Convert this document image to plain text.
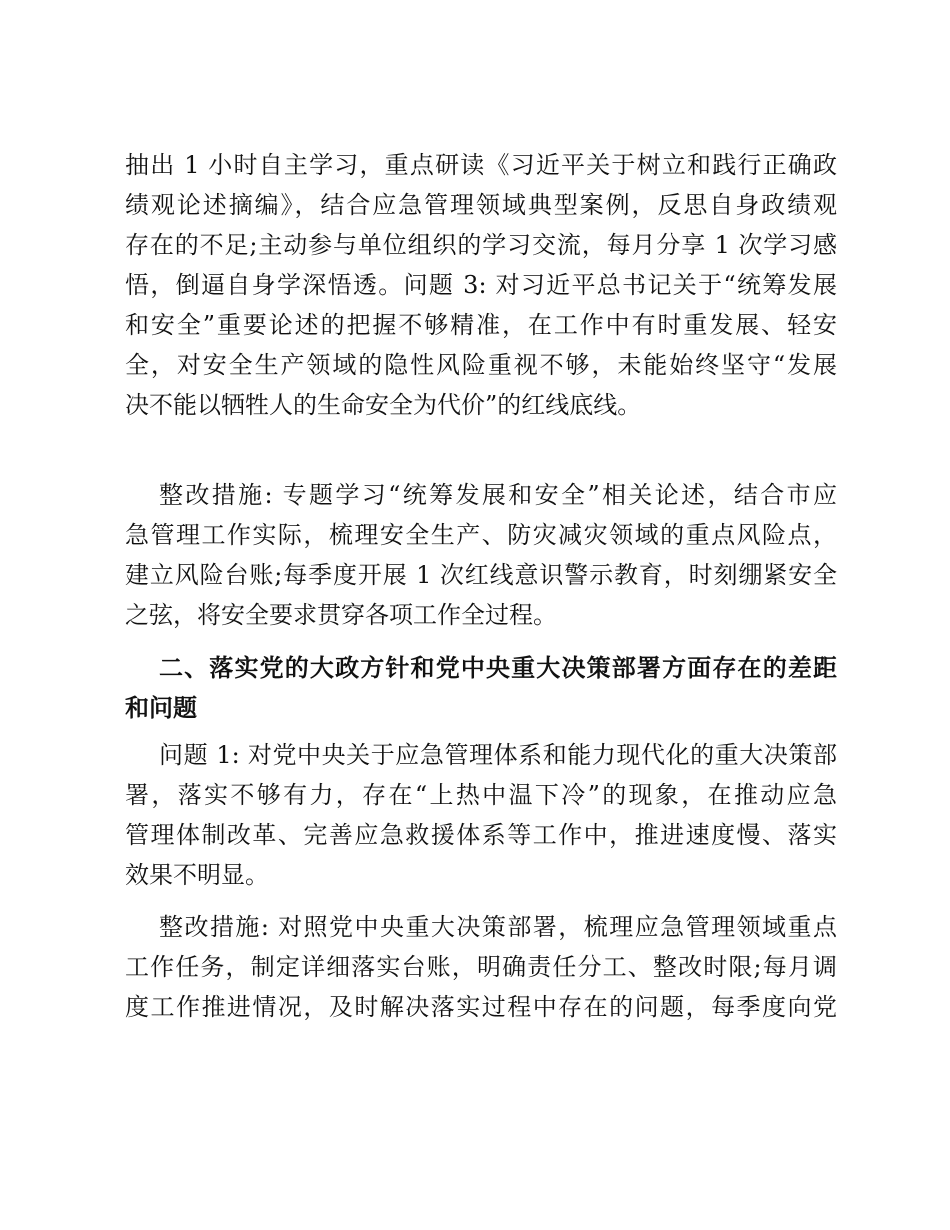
抽出 1 小时自主学习，重点研读《习近平关于树立和践行正确政
绩观论述摘编》，结合应急管理领域典型案例，反思自身政绩观
存在的不足;主动参与单位组织的学习交流，每月分享 1 次学习感
悟，倒逼自身学深悟透。问题 3: 对习近平总书记关于“统筹发展
和安全”重要论述的把握不够精准，在工作中有时重发展、轻安
全，对安全生产领域的隐性风险重视不够，未能始终坚守“发展
决不能以牺牲人的生命安全为代价”的红线底线。
整改措施: 专题学习“统筹发展和安全”相关论述，结合市应
急管理工作实际，梳理安全生产、防灾减灾领域的重点风险点，
建立风险台账;每季度开展 1 次红线意识警示教育，时刻绷紧安全
之弦，将安全要求贯穿各项工作全过程。
二、落实党的大政方针和党中央重大决策部署方面存在的差距
和问题
问题 1: 对党中央关于应急管理体系和能力现代化的重大决策部
署，落实不够有力，存在“上热中温下冷”的现象，在推动应急
管理体制改革、完善应急救援体系等工作中，推进速度慢、落实
效果不明显。
整改措施: 对照党中央重大决策部署，梳理应急管理领域重点
工作任务，制定详细落实台账，明确责任分工、整改时限;每月调
度工作推进情况，及时解决落实过程中存在的问题，每季度向党
